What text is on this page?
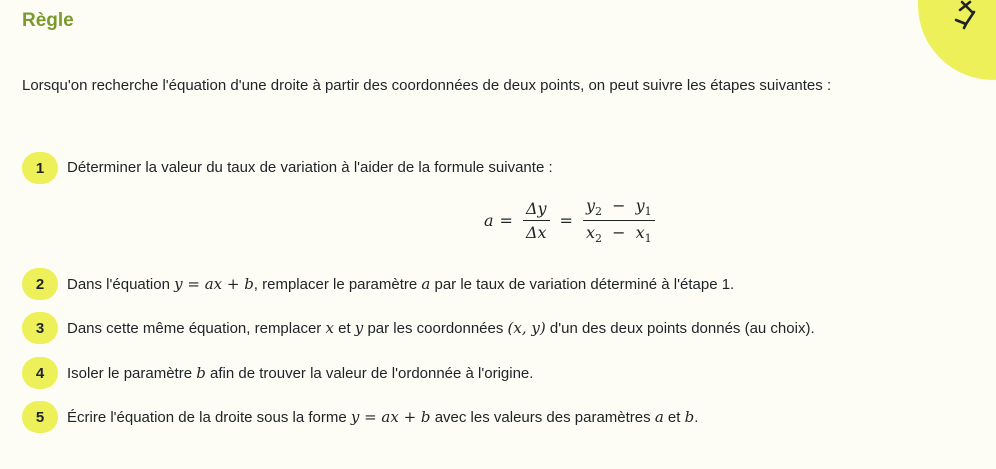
Règle
Lorsqu'on recherche l'équation d'une droite à partir des coordonnées de deux points, on peut suivre les étapes suivantes :
1	Déterminer la valeur du taux de variation à l'aider de la formule suivante :
$a = \frac{\Delta y}{\Delta x} = \frac{y_2 - y_1}{x_2 - x_1}$
2	Dans l'équation y = ax + b, remplacer le paramètre a par le taux de variation déterminé à l'étape 1.
3	Dans cette même équation, remplacer x et y par les coordonnées (x, y) d'un des deux points donnés (au choix).
4	Isoler le paramètre b afin de trouver la valeur de l'ordonnée à l'origine.
5	Écrire l'équation de la droite sous la forme y = ax + b avec les valeurs des paramètres a et b.
